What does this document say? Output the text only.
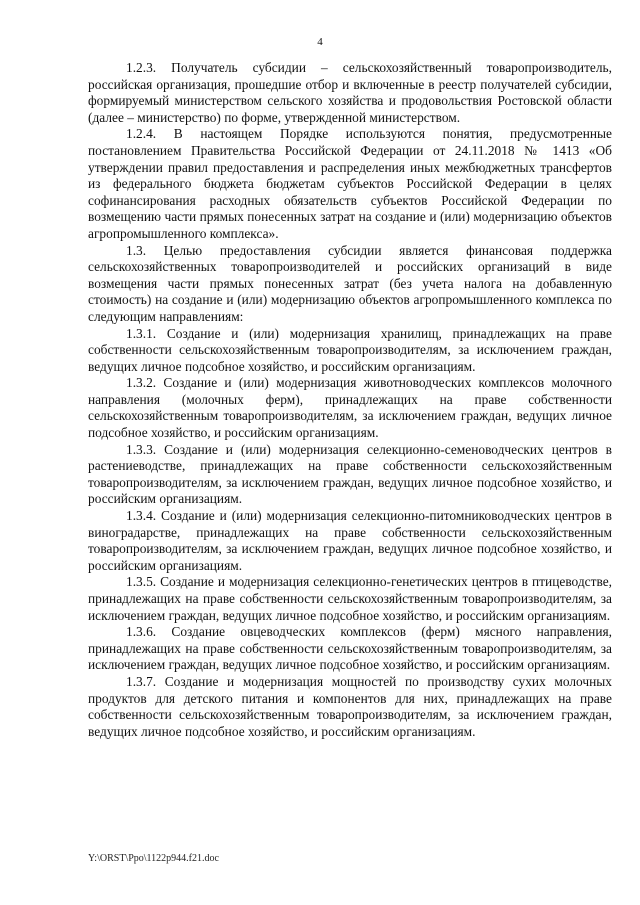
4

1.2.3. Получатель субсидии – сельскохозяйственный товаропроизводитель, российская организация, прошедшие отбор и включенные в реестр получателей субсидии, формируемый министерством сельского хозяйства и продовольствия Ростовской области (далее – министерство) по форме, утвержденной министерством.

1.2.4. В настоящем Порядке используются понятия, предусмотренные постановлением Правительства Российской Федерации от 24.11.2018 № 1413 «Об утверждении правил предоставления и распределения иных межбюджетных трансфертов из федерального бюджета бюджетам субъектов Российской Федерации в целях софинансирования расходных обязательств субъектов Российской Федерации по возмещению части прямых понесенных затрат на создание и (или) модернизацию объектов агропромышленного комплекса».

1.3. Целью предоставления субсидии является финансовая поддержка сельскохозяйственных товаропроизводителей и российских организаций в виде возмещения части прямых понесенных затрат (без учета налога на добавленную стоимость) на создание и (или) модернизацию объектов агропромышленного комплекса по следующим направлениям:

1.3.1. Создание и (или) модернизация хранилищ, принадлежащих на праве собственности сельскохозяйственным товаропроизводителям, за исключением граждан, ведущих личное подсобное хозяйство, и российским организациям.

1.3.2. Создание и (или) модернизация животноводческих комплексов молочного направления (молочных ферм), принадлежащих на праве собственности сельскохозяйственным товаропроизводителям, за исключением граждан, ведущих личное подсобное хозяйство, и российским организациям.

1.3.3. Создание и (или) модернизация селекционно-семеноводческих центров в растениеводстве, принадлежащих на праве собственности сельскохозяйственным товаропроизводителям, за исключением граждан, ведущих личное подсобное хозяйство, и российским организациям.

1.3.4. Создание и (или) модернизация селекционно-питомниководческих центров в виноградарстве, принадлежащих на праве собственности сельскохозяйственным товаропроизводителям, за исключением граждан, ведущих личное подсобное хозяйство, и российским организациям.

1.3.5. Создание и модернизация селекционно-генетических центров в птицеводстве, принадлежащих на праве собственности сельскохозяйственным товаропроизводителям, за исключением граждан, ведущих личное подсобное хозяйство, и российским организациям.

1.3.6. Создание овцеводческих комплексов (ферм) мясного направления, принадлежащих на праве собственности сельскохозяйственным товаропроизводителям, за исключением граждан, ведущих личное подсобное хозяйство, и российским организациям.

1.3.7. Создание и модернизация мощностей по производству сухих молочных продуктов для детского питания и компонентов для них, принадлежащих на праве собственности сельскохозяйственным товаропроизводителям, за исключением граждан, ведущих личное подсобное хозяйство, и российским организациям.

Y:\ORST\Ppo\1122p944.f21.doc
